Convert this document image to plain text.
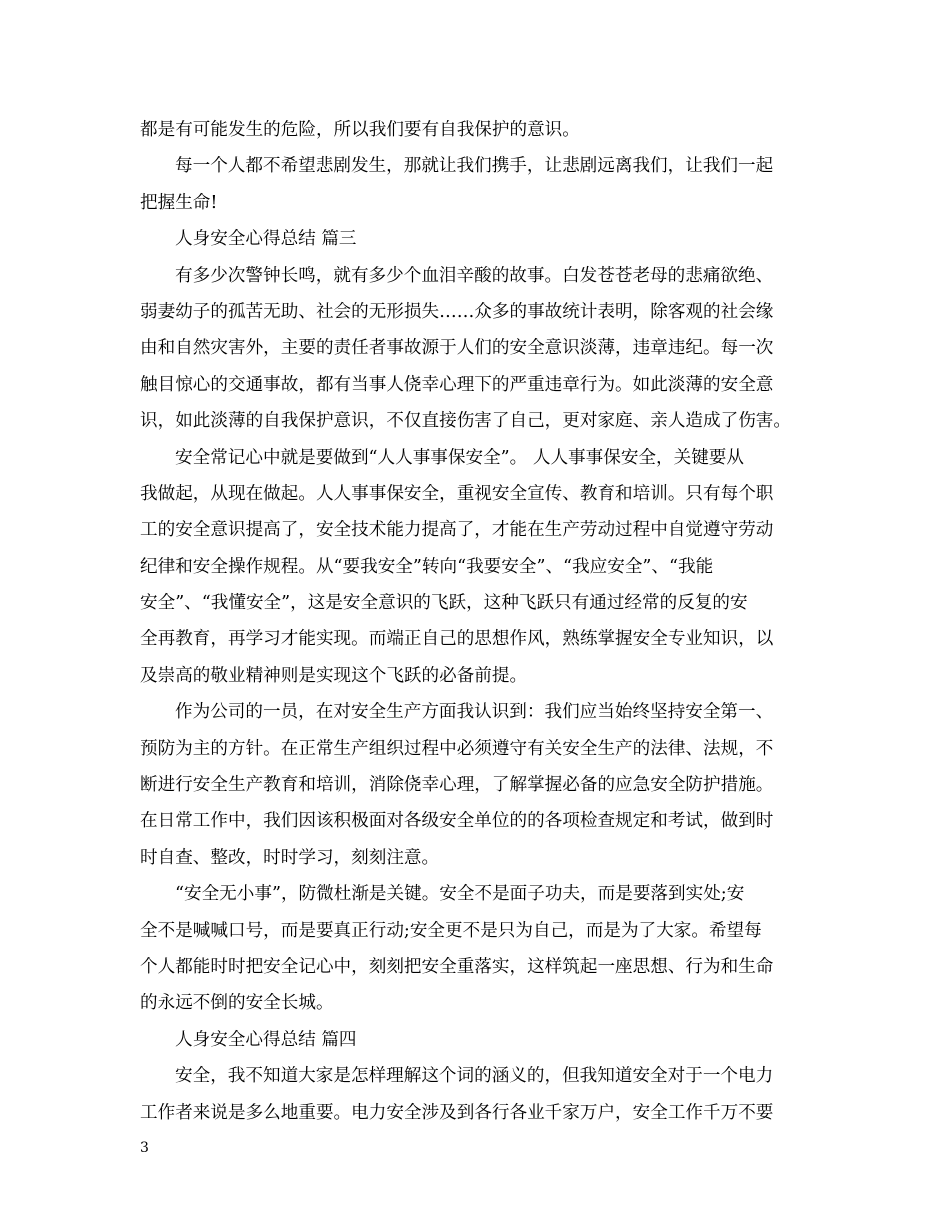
都是有可能发生的危险，所以我们要有自我保护的意识。
每一个人都不希望悲剧发生，那就让我们携手，让悲剧远离我们，让我们一起
把握生命!
人身安全心得总结 篇三
有多少次警钟长鸣，就有多少个血泪辛酸的故事。白发苍苍老母的悲痛欲绝、
弱妻幼子的孤苦无助、社会的无形损失……众多的事故统计表明，除客观的社会缘
由和自然灾害外，主要的责任者事故源于人们的安全意识淡薄，违章违纪。每一次
触目惊心的交通事故，都有当事人侥幸心理下的严重违章行为。如此淡薄的安全意
识，如此淡薄的自我保护意识，不仅直接伤害了自己，更对家庭、亲人造成了伤害。
安全常记心中就是要做到“人人事事保安全”。 人人事事保安全，关键要从
我做起，从现在做起。人人事事保安全，重视安全宣传、教育和培训。只有每个职
工的安全意识提高了，安全技术能力提高了，才能在生产劳动过程中自觉遵守劳动
纪律和安全操作规程。从“要我安全”转向“我要安全”、“我应安全”、“我能
安全”、“我懂安全”，这是安全意识的飞跃，这种飞跃只有通过经常的反复的安
全再教育，再学习才能实现。而端正自己的思想作风，熟练掌握安全专业知识，以
及崇高的敬业精神则是实现这个飞跃的必备前提。
作为公司的一员，在对安全生产方面我认识到：我们应当始终坚持安全第一、
预防为主的方针。在正常生产组织过程中必须遵守有关安全生产的法律、法规，不
断进行安全生产教育和培训，消除侥幸心理，了解掌握必备的应急安全防护措施。
在日常工作中，我们因该积极面对各级安全单位的的各项检查规定和考试，做到时
时自查、整改，时时学习，刻刻注意。
“安全无小事”，防微杜渐是关键。安全不是面子功夫，而是要落到实处;安
全不是喊喊口号，而是要真正行动;安全更不是只为自己，而是为了大家。希望每
个人都能时时把安全记心中，刻刻把安全重落实，这样筑起一座思想、行为和生命
的永远不倒的安全长城。
人身安全心得总结 篇四
安全，我不知道大家是怎样理解这个词的涵义的，但我知道安全对于一个电力
工作者来说是多么地重要。电力安全涉及到各行各业千家万户，安全工作千万不要
3
